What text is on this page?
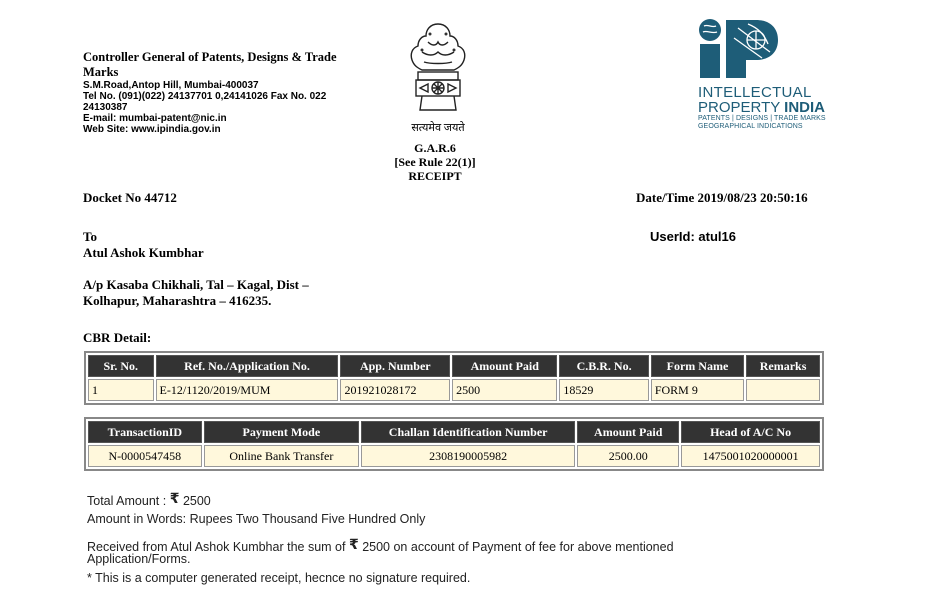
Controller General of Patents, Designs & Trade Marks
S.M.Road,Antop Hill, Mumbai-400037
Tel No. (091)(022) 24137701 0,24141026 Fax No. 022 24130387
E-mail: mumbai-patent@nic.in
Web Site: www.ipindia.gov.in	सत्यमेव जयते
G.A.R.6
[See Rule 22(1)]
RECEIPT
INTELLECTUAL
PROPERTY INDIA
PATENTS | DESIGNS | TRADE MARKS
GEOGRAPHICAL INDICATIONS
Docket No 44712	Date/Time 2019/08/23 20:50:16
To
Atul Ashok Kumbhar
UserId: atul16
A/p Kasaba Chikhali, Tal – Kagal, Dist –
Kolhapur, Maharashtra – 416235.
CBR Detail:
Sr. No.	Ref. No./Application No.	App. Number	Amount Paid	C.B.R. No.	Form Name	Remarks
1	E-12/1120/2019/MUM	201921028172	2500	18529	FORM 9	
TransactionID	Payment Mode	Challan Identification Number	Amount Paid	Head of A/C No
N-0000547458	Online Bank Transfer	2308190005982	2500.00	1475001020000001
Total Amount : ₹ 2500
Amount in Words: Rupees Two Thousand Five Hundred Only
Received from Atul Ashok Kumbhar the sum of ₹ 2500 on account of Payment of fee for above mentioned
Application/Forms.
* This is a computer generated receipt, hecnce no signature required.
